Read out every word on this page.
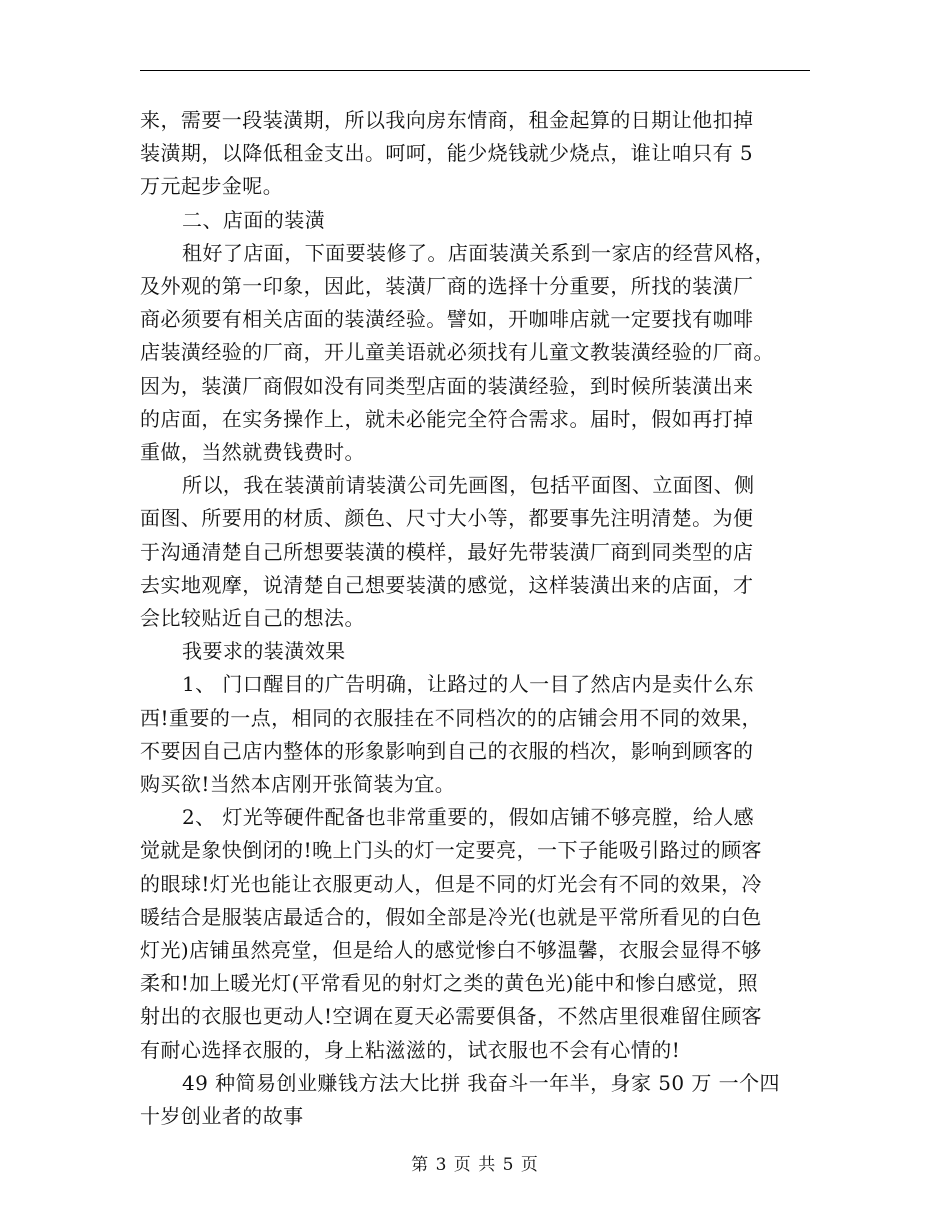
来，需要一段装潢期，所以我向房东情商，租金起算的日期让他扣掉
装潢期，以降低租金支出。呵呵，能少烧钱就少烧点，谁让咱只有 5
万元起步金呢。

二、店面的装潢

租好了店面，下面要装修了。店面装潢关系到一家店的经营风格，
及外观的第一印象，因此，装潢厂商的选择十分重要，所找的装潢厂
商必须要有相关店面的装潢经验。譬如，开咖啡店就一定要找有咖啡
店装潢经验的厂商，开儿童美语就必须找有儿童文教装潢经验的厂商。
因为，装潢厂商假如没有同类型店面的装潢经验，到时候所装潢出来
的店面，在实务操作上，就未必能完全符合需求。届时，假如再打掉
重做，当然就费钱费时。

所以，我在装潢前请装潢公司先画图，包括平面图、立面图、侧
面图、所要用的材质、颜色、尺寸大小等，都要事先注明清楚。为便
于沟通清楚自己所想要装潢的模样，最好先带装潢厂商到同类型的店
去实地观摩，说清楚自己想要装潢的感觉，这样装潢出来的店面，才
会比较贴近自己的想法。

我要求的装潢效果

1、 门口醒目的广告明确，让路过的人一目了然店内是卖什么东
西!重要的一点，相同的衣服挂在不同档次的的店铺会用不同的效果，
不要因自己店内整体的形象影响到自己的衣服的档次，影响到顾客的
购买欲!当然本店刚开张简装为宜。

2、 灯光等硬件配备也非常重要的，假如店铺不够亮膛，给人感
觉就是象快倒闭的!晚上门头的灯一定要亮，一下子能吸引路过的顾客
的眼球!灯光也能让衣服更动人，但是不同的灯光会有不同的效果，冷
暖结合是服装店最适合的，假如全部是冷光(也就是平常所看见的白色
灯光)店铺虽然亮堂，但是给人的感觉惨白不够温馨，衣服会显得不够
柔和!加上暖光灯(平常看见的射灯之类的黄色光)能中和惨白感觉，照
射出的衣服也更动人!空调在夏天必需要俱备，不然店里很难留住顾客
有耐心选择衣服的，身上粘滋滋的，试衣服也不会有心情的!

49 种简易创业赚钱方法大比拼 我奋斗一年半，身家 50 万 一个四
十岁创业者的故事

第 3 页 共 5 页
